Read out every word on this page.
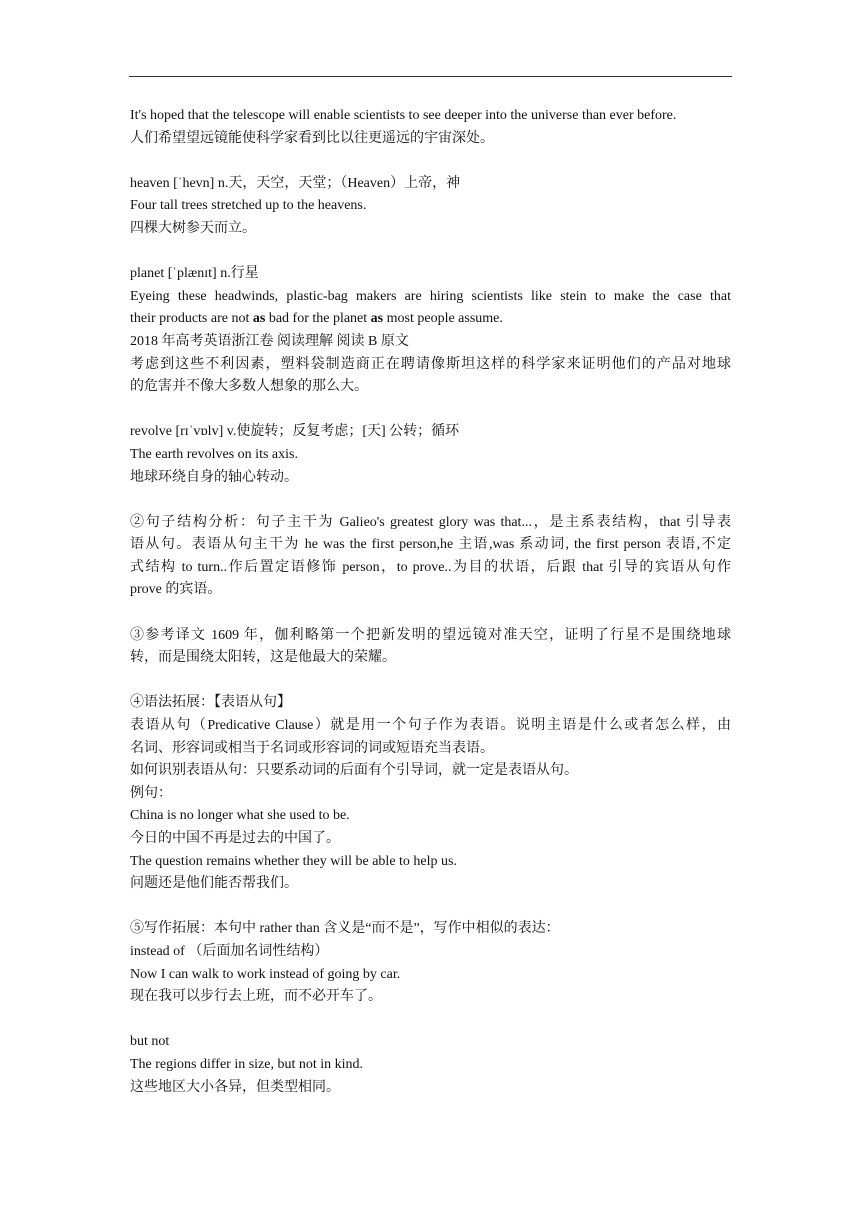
It's hoped that the telescope will enable scientists to see deeper into the universe than ever before.
人们希望望远镜能使科学家看到比以往更遥远的宇宙深处。
heaven [ˈhevn] n.天，天空，天堂；（Heaven）上帝，神
Four tall trees stretched up to the heavens.
四棵大树参天而立。
planet [ˈplænɪt] n.行星
Eyeing these headwinds, plastic-bag makers are hiring scientists like stein to make the case that
their products are not as bad for the planet as most people assume.
2018 年高考英语浙江卷 阅读理解 阅读 B 原文
考虑到这些不利因素，塑料袋制造商正在聘请像斯坦这样的科学家来证明他们的产品对地球
的危害并不像大多数人想象的那么大。
revolve [rɪˈvɒlv] v.使旋转；反复考虑；[天] 公转；循环
The earth revolves on its axis.
地球环绕自身的轴心转动。
②句子结构分析：句子主干为 Galieo's greatest glory was that...，是主系表结构，that 引导表
语从句。表语从句主干为 he was the first person,he 主语,was 系动词, the first person 表语,不定
式结构 to turn..作后置定语修饰 person，to prove..为目的状语，后跟 that 引导的宾语从句作
prove 的宾语。
③参考译文 1609 年，伽利略第一个把新发明的望远镜对准天空，证明了行星不是围绕地球
转，而是围绕太阳转，这是他最大的荣耀。
④语法拓展：【表语从句】
表语从句（Predicative Clause）就是用一个句子作为表语。说明主语是什么或者怎么样，由
名词、形容词或相当于名词或形容词的词或短语充当表语。
如何识别表语从句：只要系动词的后面有个引导词，就一定是表语从句。
例句：
China is no longer what she used to be.
今日的中国不再是过去的中国了。
The question remains whether they will be able to help us.
问题还是他们能否帮我们。
⑤写作拓展：本句中 rather than 含义是“而不是”，写作中相似的表达：
instead of （后面加名词性结构）
Now I can walk to work instead of going by car.
现在我可以步行去上班，而不必开车了。
but not
The regions differ in size, but not in kind.
这些地区大小各异，但类型相同。
